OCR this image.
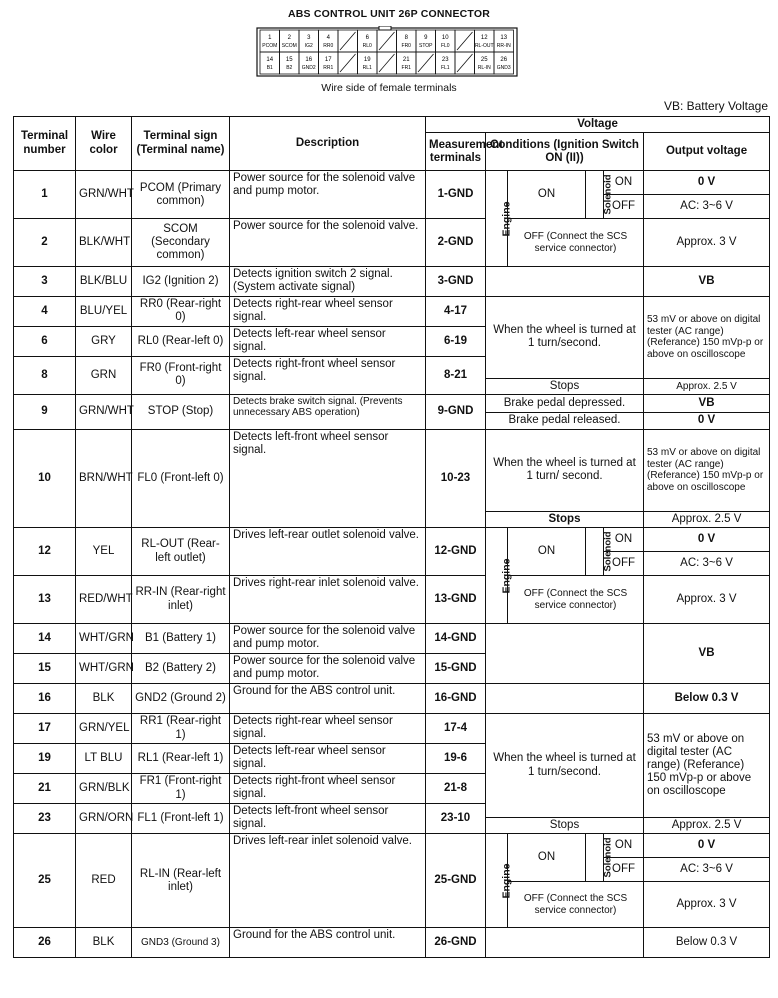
ABS CONTROL UNIT 26P CONNECTOR
1
PCOM
2
SCOM
3
IG2
4
RR0
6
RL0
8
FR0
9
STOP
10
FL0
12
RL-OUT
13
RR-IN
14
B1
15
B2
16
GND2
17
RR1
19
RL1
21
FR1
23
FL1
25
RL-IN
26
GND3
Wire side of female terminals
VB: Battery Voltage
Terminal number	Wire color	Terminal sign (Terminal name)	Description	Voltage					
				Measurement terminals	Conditions (Ignition Switch ON (II))				Output voltage
1	GRN/WHT	PCOM (Primary common)	Power source for the solenoid valve and pump motor.	1-GND	Engine	ON	Solenoid	ON	0 V
								OFF	AC: 3~6 V
2	BLK/WHT	SCOM (Secondary common)	Power source for the solenoid valve.	2-GND		OFF (Connect the SCS service connector)			Approx. 3 V
3	BLK/BLU	IG2 (Ignition 2)	Detects ignition switch 2 signal. (System activate signal)	3-GND					VB
4	BLU/YEL	RR0 (Rear-right 0)	Detects right-rear wheel sensor signal.	4-17	When the wheel is turned at 1 turn/second.				53 mV or above on digital tester (AC range) (Referance) 150 mVp-p or above on oscilloscope
6	GRY	RL0 (Rear-left 0)	Detects left-rear wheel sensor signal.	6-19					
8	GRN	FR0 (Front-right 0)	Detects right-front wheel sensor signal.	8-21					
					Stops				Approx. 2.5 V
9	GRN/WHT	STOP (Stop)	Detects brake switch signal. (Prevents unnecessary ABS operation)	9-GND	Brake pedal depressed.				VB
					Brake pedal released.				0 V
10	BRN/WHT	FL0 (Front-left 0)	Detects left-front wheel sensor signal.	10-23	When the wheel is turned at 1 turn/ second.				53 mV or above on digital tester (AC range) (Referance) 150 mVp-p or above on oscilloscope
					Stops				Approx. 2.5 V
12	YEL	RL-OUT (Rear-left outlet)	Drives left-rear outlet solenoid valve.	12-GND	Engine	ON	Solenoid	ON	0 V
								OFF	AC: 3~6 V
13	RED/WHT	RR-IN (Rear-right inlet)	Drives right-rear inlet solenoid valve.	13-GND		OFF (Connect the SCS service connector)			Approx. 3 V
14	WHT/GRN	B1 (Battery 1)	Power source for the solenoid valve and pump motor.	14-GND					VB
15	WHT/GRN	B2 (Battery 2)	Power source for the solenoid valve and pump motor.	15-GND					
16	BLK	GND2 (Ground 2)	Ground for the ABS control unit.	16-GND					Below 0.3 V
17	GRN/YEL	RR1 (Rear-right 1)	Detects right-rear wheel sensor signal.	17-4	When the wheel is turned at 1 turn/second.				53 mV or above on digital tester (AC range) (Referance) 150 mVp-p or above on oscilloscope
19	LT BLU	RL1 (Rear-left 1)	Detects left-rear wheel sensor signal.	19-6					
21	GRN/BLK	FR1 (Front-right 1)	Detects right-front wheel sensor signal.	21-8					
23	GRN/ORN	FL1 (Front-left 1)	Detects left-front wheel sensor signal.	23-10					
					Stops				Approx. 2.5 V
25	RED	RL-IN (Rear-left inlet)	Drives left-rear inlet solenoid valve.	25-GND	Engine	ON	Solenoid	ON	0 V
								OFF	AC: 3~6 V
						OFF (Connect the SCS service connector)			Approx. 3 V
26	BLK	GND3 (Ground 3)	Ground for the ABS control unit.	26-GND					Below 0.3 V
